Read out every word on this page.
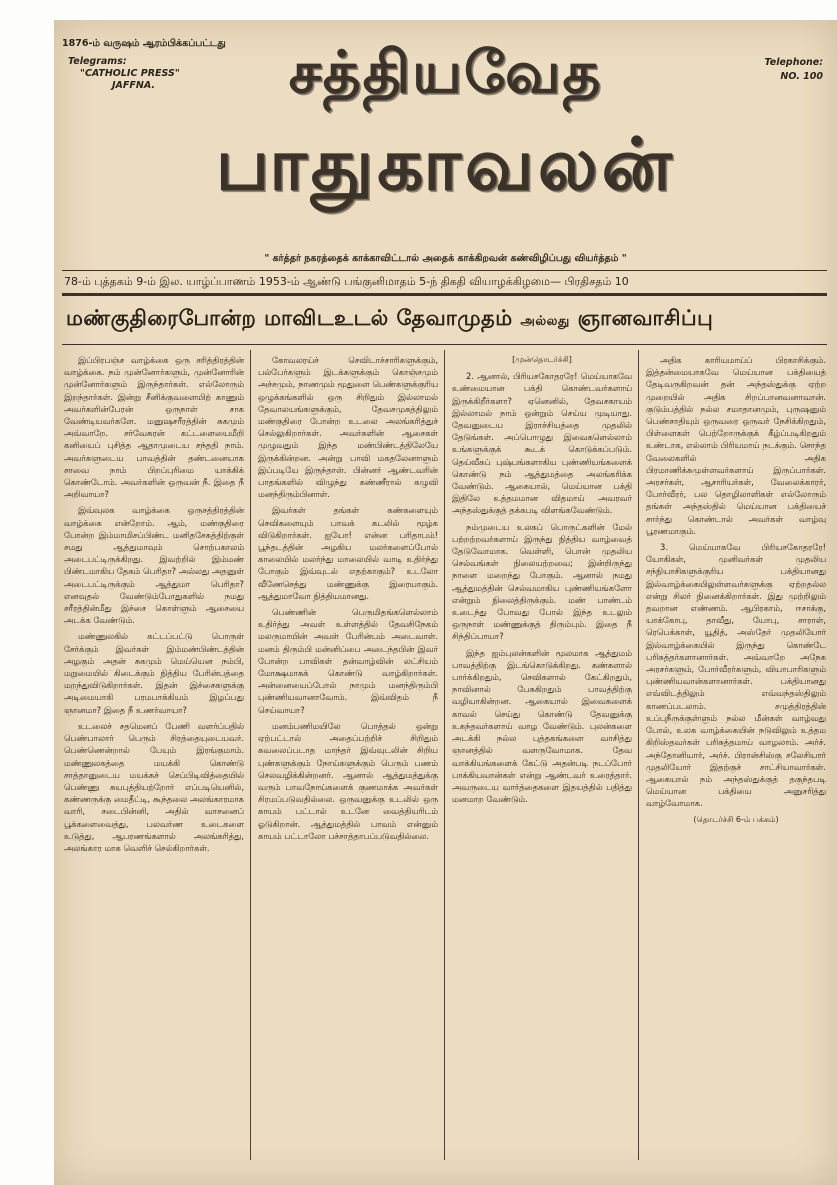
1876-ம் வருஷம் ஆரம்பிக்கப்பட்டது

Telegrams:
"CATHOLIC PRESS"
JAFFNA.
Telephone:
NO. 100
சத்தியவேத
பாதுகாவலன்
" கர்த்தர் நகரத்தைக் காக்காவிட்டால் அதைக் காக்கிறவன் கண்விழிப்பது வியர்த்தம் "
78-ம் புத்தகம் 9-ம் இல. யாழ்ப்பாணம் 1953-ம் ஆண்டு பங்குனிமாதம் 5-ந் திகதி வியாழக்கிழமை— பிரதிசதம் 10
மண்குதிரைபோன்ற மாவிடஉடல் தேவாமுதம் அல்லது ஞானவாசிப்பு

இப்பிரபஞ்ச வாழ்க்கை ஒரு சரித்திரத்தின் வாழ்க்கை. நம் முன்னோர்களும், முன்னோரின் முன்னோர்களும் இருந்தார்கள். எல்லோரும் இறந்தார்கள். இன்று சீனிக்குவளையிற் காணும் அவர்களின்பேரன் ஒருநாள் சாக வேண்டியவர்களே. மனுஷசரீரத்தின் சுகமும் அவ்வாறே. சர்வேசுரன் கட்டளையைமீறி கனியைப் புசித்த ஆதாமுடைய சந்ததி நாம். அவர்களுடைய பாவத்தின் தண்டனையாக சாவை நாம் பிறப்புரிமை யாக்கிக் கொண்டோம். அவர்களின் ஒருவன் நீ. இதை நீ அறிவாயா?

இவ்வுலக வாழ்க்கை ஒருசத்திரத்தின் வாழ்க்கை என்றோம். ஆம், மண்குதிரை போன்ற இம்மாமிசப்பிண்ட மனிதசேகத்திற்குள் சமது ஆத்துமாவும் சொற்பகாலம் அடைபட்டிருக்கிறது. இவற்றில் இம்மண் பிண்டமாகிய தேகம் பெரிதா? அல்லது அதனுள் அடைபட்டிருக்கும் ஆத்துமா பெரிதா? எனவுதல் வேண்டும்போதுகளில் நமது சரீரத்தின்மீது இச்சை கொள்ளும் ஆசையை அடக்க வேண்டும்.

மண்ணுலகில் கட்டப்பட்டு பொருள் சேர்க்கும் இவர்கள் இம்மண்பிண்டத்தின் அழகும் அதன் சுகமும் மெய்யென நம்பி, மறுமையில் கிடைக்கும் நித்திய பேரின்பத்தை மறந்துவிடுகிறார்கள். இதன் இச்சைகளுக்கு அடிமையாகி பரமபாக்கியம் இழப்பது ஞானமா? இதை நீ உணர்வாயா?

உடலைச் சதமெனப் பேணி வளர்ப்பதில் பெண்பாலார் பெரும் சிரத்தையுடையவர். பெண்ணென்றால் பேயும் இரங்குமாம். மண்ணுலகத்தை மயக்கி கொண்டு சாத்தானுடைய மயக்கச் செப்பிடிவித்தையில் பெண்ணு சுயபுத்தியற்றோர் எப்படியெனில், கண்ணருக்கு மைதீட்டி, கூந்தலை அலங்காரமாக வாரி, சடைபின்னி, அதில் வாசனைப் பூக்களைவைத்து, பலவர்ண உடைகளை உடுத்து, ஆபரணங்களால் அலங்கரித்து, அலங்கார மாக வெளிச் செல்கிறார்கள்.

கோவலரய்ச் செவிடாச்சாரிகளுக்கும், பல்பேர்களும் இடக்களுக்கும் கொஞ்சமும் அச்சமும், நாணமும் மூதுளை பெண்களுக்குரிய ஒழுக்கங்களில் ஒரு சிறிதும் இல்லாமல் தேவாலயங்களுக்கும், தேவசமுகத்திலும் மண்குதிரை போன்ற உடலை அலங்கரித்துச் செல்லுகிறார்கள். அவர்களின் ஆசைகள் முழுவதும் இந்த மண்பிண்டத்திலேயே இருக்கின்றன. அன்று பாவி மகதலேனாளும் இப்படியே இருந்தாள். பின்னர் ஆண்டவரின் பாதங்களில் விழுந்து கண்ணீரால் கழுவி மனந்திரும்பினாள்.

இவர்கள் தங்கள் கண்களையும் செவிகளையும் பாவக் கடலில் மூழ்க விடுகிறார்கள். ஐயோ! என்ன பரிதாபம்! பூந்தடத்தின் அழகிய மலர்களைப்போல் காலையில் மலர்ந்து மாலையில் வாடி உதிர்ந்து போகும் இவ்வுடல் எதற்காகும்? உடலோ வீணேசெத்து மண்ணுக்கு இரையாகும். ஆத்துமாவோ நித்தியமானது.

பெண்ணின் பெருமிதங்களெல்லாம் உதிர்த்து அவள் உள்ளத்தில் தேவசிநேகம் மலருமாயின் அவள் பேரின்பம் அடைவாள். மனம் திரும்பி மன்னிப்பை அடைந்தபின் இவர் போன்ற பாவிகள் தன்வாழ்வின் லட்சியம் மோக்ஷமாகக் கொண்டு வாழ்கிறார்கள். அன்னையைப்போல் நாமும் மனந்திரும்பி புண்ணியவானாவோம். இவ்விதம் நீ செய்வாயா?

மனம்பணிமயிலே பொத்தல் ஒன்று ஏற்பட்டால் அதைப்பற்றிச் சிறிதும் கவலைப்படாத மாந்தர் இவ்வுடலின் சிறிய புண்களுக்கும் நோய்களுக்கும் பெரும் பணம் செலவழிக்கின்றனர். ஆனால் ஆத்துமத்துக்கு வரும் பாவநோய்களைக் குணமாக்க அவர்கள் சிரமப்படுவதில்லை. ஒருவனுக்கு உடலில் ஒரு காயம் பட்டால் உடனே வைத்தியரிடம் ஓடுகிறான். ஆத்துமத்தில் பாவம் என்னும் காயம் பட்டாலோ பச்சாத்தாபப்படுவதில்லை.

[முன்தொடர்ச்சி]

2. ஆனால், பிரியசகோதரரே! மெய்யாகவே உண்மையான பக்தி கொண்டவர்களாய் இருக்கிறீர்களா? ஏனெனில், தேவசகாயம் இல்லாமல் நாம் ஒன்றும் செய்ய முடியாது. தேவனுடைய இராச்சியத்தை முதலில் தேடுங்கள். அப்பொழுது இவைகளெல்லாம் உங்களுக்குக் கூடக் கொடுக்கப்படும். தெய்வீகப் புஷ்பங்களாகிய புண்ணியங்களைக் கொண்டு நம் ஆத்துமத்தை அலங்கரிக்க வேண்டும். ஆகையால், மெய்யான பக்தி இதிலே உத்தமமான விதமாய் அவரவர் அந்தஸ்துக்குத் தக்கபடி விளங்கவேண்டும்.

நம்முடைய உலகப் பொருட்களின் மேல் பற்றற்றவர்களாய் இருந்து நித்திய வாழ்வைத் தேடுவோமாக. வெள்ளி, பொன் முதலிய செல்வங்கள் நிலையற்றவை; இன்றிருந்து நாளை மறைந்து போகும். ஆனால் நமது ஆத்துமத்தின் செல்வமாகிய புண்ணியங்களோ என்றும் நிலைத்திருக்கும். மண் பாண்டம் உடைந்து போவது போல் இந்த உடலும் ஒருநாள் மண்ணுக்குத் திரும்பும். இதை நீ சிந்திப்பாயா?

இந்த ஐம்புலன்களின் மூலமாக ஆத்துமம் பாவத்திற்கு இடங்கொடுக்கிறது. கண்களால் பார்க்கிறதும், செவிகளால் கேட்கிறதும், நாவினால் பேசுகிறதும் பாவத்திற்கு வழியாகின்றன. ஆகையால் இவைகளைக் காவல் செய்து கொண்டு தேவனுக்கு உகந்தவர்களாய் வாழ வேண்டும். புலன்களை அடக்கி நல்ல புத்தகங்களை வாசித்து ஞானத்தில் வளருவோமாக. தேவ வாக்கியங்களைக் கேட்டு அதன்படி நடப்போர் பாக்கியவான்கள் என்று ஆண்டவர் உரைத்தார். அவருடைய வார்த்தைகளை இதயத்தில் பதித்து மனமாற வேண்டும்.

அதிக காரியமாய்ப் பிரகாசிக்கும். இத்தன்மையாகவே மெய்யான பக்தியைத் தேடிவருகிறவன் தன் அந்தஸ்துக்கு ஏற்ற முறையில் அதிக சிறப்பானவனாவான். குடும்பத்தில் நல்ல சமாதானமும், புருஷனும் பெண்சாதியும் ஒருவரை ஒருவர் நேசிக்கிறதும், பிள்ளைகள் பெற்றோருக்குக் கீழ்ப்படிகிறதும் உண்டாக, எல்லாம் பிரியமாய் நடக்கும். சொந்த வேலைகளில் அதிக பிரமாணிக்கமுள்ளவர்களாய் இருப்பார்கள். அரசர்கள், ஆசாரியர்கள், வேலைக்காரர், போர்வீரர், பல தொழிலாளிகள் எல்லோரும் தங்கள் அந்தஸ்தில் மெய்யான பக்தியைச் சார்ந்து கொண்டால் அவர்கள் வாழ்வு பூரணமாகும்.

3. மெய்யாகவே பிரியசகோதரரே! யோகிகள், முனிவர்கள் முதலிய சந்நியாசிகளுக்குரிய பக்தியானது இல்வாழ்க்கையிலுள்ளவர்களுக்கு ஏற்றதல்ல என்று சிலர் நினைக்கிறார்கள். இது முற்றிலும் தவறான எண்ணம். ஆபிரகாம், ஈசாக்கு, யாக்கோபு, தாவீது, யோபு, சாராள், ரெபெக்காள், யூதித், அஸ்தேர் முதலியோர் இல்வாழ்க்கையில் இருந்து கொண்டே பரிசுத்தர்களானார்கள். அவ்வாறே அநேக அரசர்களும், போர்வீரர்களும், வியாபாரிகளும் புண்ணியவான்களானார்கள். பக்தியானது எவ்விடத்திலும் எவ்வந்தஸ்திலும் காணப்படலாம். சமுத்திரத்தின் உப்புநீருக்குள்ளும் நல்ல மீன்கள் வாழ்வது போல், உலக வாழ்க்கையின் நடுவிலும் உத்தம கிறிஸ்தவர்கள் பரிசுத்தமாய் வாழலாம். அர்ச். அந்தோனியார், அர்ச். பிரான்சிஸ்கு சலேசியார் முதலியோர் இதற்குச் சாட்சியாவார்கள். ஆகையால் நம் அந்தஸ்துக்குத் தகுந்தபடி மெய்யான பக்தியை அனுசரித்து வாழ்வோமாக.

(தொடர்ச்சி 6-ம் பக்கம்)
